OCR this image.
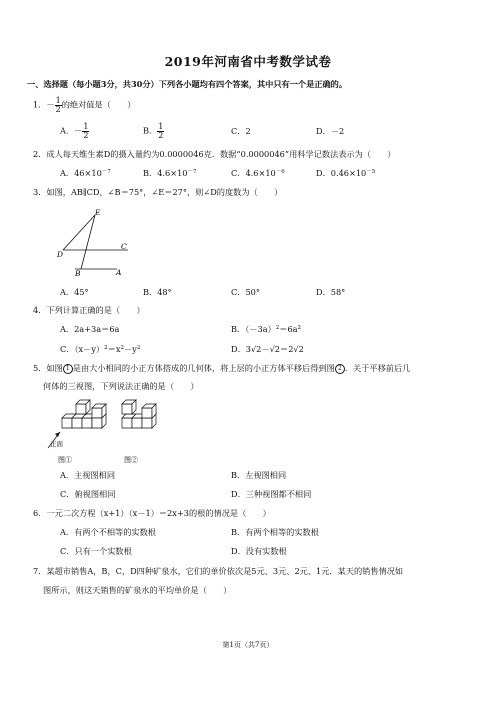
2019年河南省中考数学试卷
一、选择题（每小题3分，共30分）下列各小题均有四个答案，其中只有一个是正确的。
1．－ $\frac{1}{2}$ 的绝对值是（　　）
A．－ $\frac{1}{2}$	B． $\frac{1}{2}$	C．2	D．－2
2．成人每天维生素D的摄入量约为0.0000046克．数据“0.0000046”用科学记数法表示为（　　）
A．$46\times 10^{-7}$	B．$4.6\times 10^{-7}$	C．$4.6\times 10^{-6}$	D．$0.46\times 10^{-5}$
3．如图，AB∥CD，∠B＝75°，∠E＝27°，则∠D的度数为（　　）
E
C
D
B	A
A．45°	B．48°	C．50°	D．58°
4．下列计算正确的是（　　）
A．2a+3a＝6a	B．$(-3a)^2=6a^2$
C．$(x-y)^2=x^2-y^2$	D．3√2－√2＝2√2
5．如图 1 是由大小相同的小正方体搭成的几何体，将上层的小正方体平移后得到图 2 ．关于平移前后几
何体的三视图，下列说法正确的是（　　）
正面
图①	图②
A．主视图相同	B．左视图相同
C．俯视图相同	D．三种视图都不相同
6．一元二次方程（x+1）（x－1）＝2x+3的根的情况是（　　）
A．有两个不相等的实数根	B．有两个相等的实数根
C．只有一个实数根	D．没有实数根
7．某超市销售A，B，C，D四种矿泉水，它们的单价依次是5元、3元、2元、1元．某天的销售情况如
图所示，则这天销售的矿泉水的平均单价是（　　）
第1页（共7页）
